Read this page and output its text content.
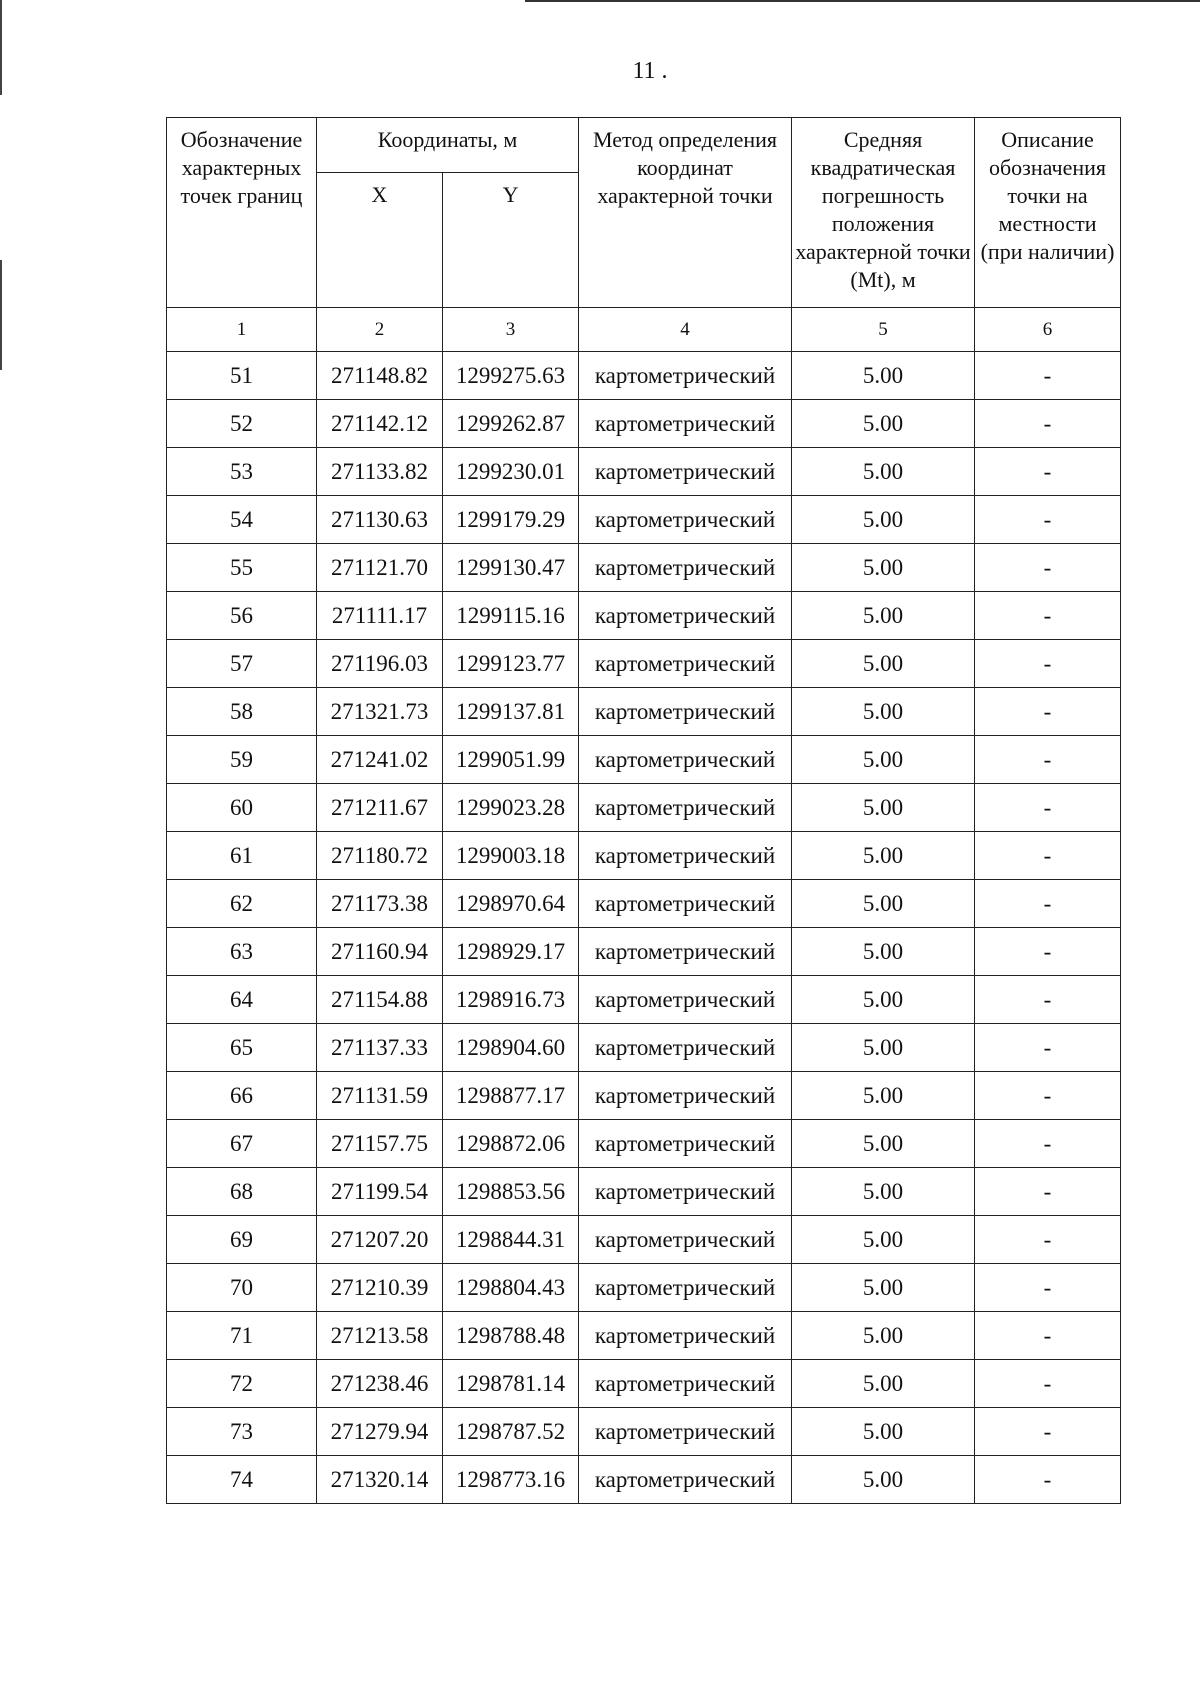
11 .
Обозначение характерных точек границ	Координаты, м		Метод определения координат характерной точки	Средняя квадратическая погрешность положения характерной точки (Mt), м	Описание обозначения точки на местности (при наличии)
	X	Y			
1	2	3	4	5	6
51	271148.82	1299275.63	картометрический	5.00	-
52	271142.12	1299262.87	картометрический	5.00	-
53	271133.82	1299230.01	картометрический	5.00	-
54	271130.63	1299179.29	картометрический	5.00	-
55	271121.70	1299130.47	картометрический	5.00	-
56	271111.17	1299115.16	картометрический	5.00	-
57	271196.03	1299123.77	картометрический	5.00	-
58	271321.73	1299137.81	картометрический	5.00	-
59	271241.02	1299051.99	картометрический	5.00	-
60	271211.67	1299023.28	картометрический	5.00	-
61	271180.72	1299003.18	картометрический	5.00	-
62	271173.38	1298970.64	картометрический	5.00	-
63	271160.94	1298929.17	картометрический	5.00	-
64	271154.88	1298916.73	картометрический	5.00	-
65	271137.33	1298904.60	картометрический	5.00	-
66	271131.59	1298877.17	картометрический	5.00	-
67	271157.75	1298872.06	картометрический	5.00	-
68	271199.54	1298853.56	картометрический	5.00	-
69	271207.20	1298844.31	картометрический	5.00	-
70	271210.39	1298804.43	картометрический	5.00	-
71	271213.58	1298788.48	картометрический	5.00	-
72	271238.46	1298781.14	картометрический	5.00	-
73	271279.94	1298787.52	картометрический	5.00	-
74	271320.14	1298773.16	картометрический	5.00	-
